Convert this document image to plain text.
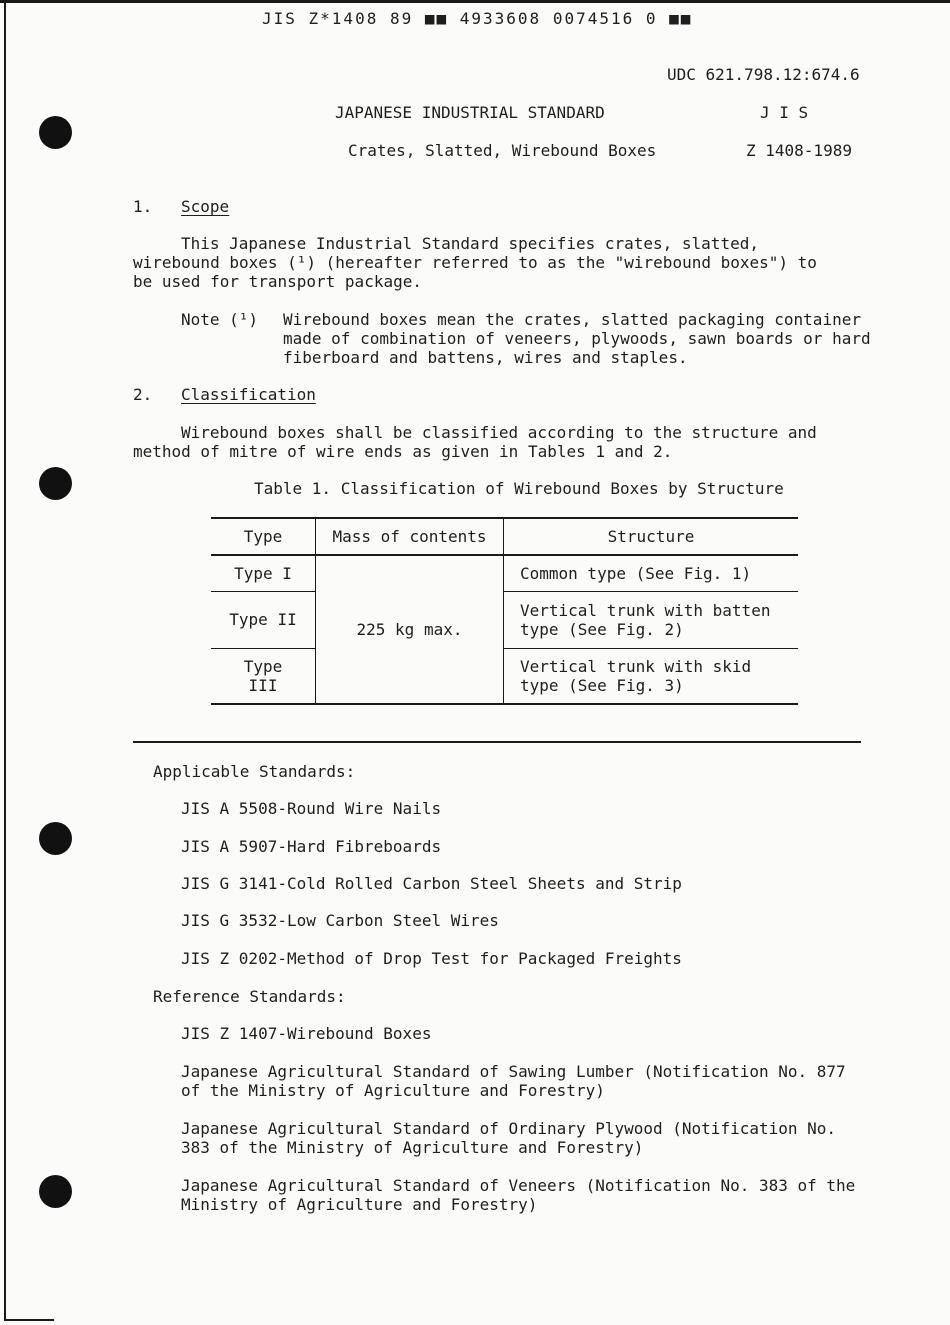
JIS Z*1408 89 ■■ 4933608 0074516 0 ■■
UDC 621.798.12:674.6
JAPANESE INDUSTRIAL STANDARD	J I S
Crates, Slatted, Wirebound Boxes	Z 1408-1989
1. Scope
This Japanese Industrial Standard specifies crates, slatted, wirebound boxes (¹) (hereafter referred to as the "wirebound boxes") to be used for transport package.
Note (¹) Wirebound boxes mean the crates, slatted packaging container made of combination of veneers, plywoods, sawn boards or hard fiberboard and battens, wires and staples.
2. Classification
Wirebound boxes shall be classified according to the structure and method of mitre of wire ends as given in Tables 1 and 2.
Table 1. Classification of Wirebound Boxes by Structure
Type	Mass of contents	Structure
Type I	225 kg max.	Common type (See Fig. 1)
Type II		Vertical trunk with batten type (See Fig. 2)
Type III		Vertical trunk with skid type (See Fig. 3)
Applicable Standards:
JIS A 5508-Round Wire Nails
JIS A 5907-Hard Fibreboards
JIS G 3141-Cold Rolled Carbon Steel Sheets and Strip
JIS G 3532-Low Carbon Steel Wires
JIS Z 0202-Method of Drop Test for Packaged Freights
Reference Standards:
JIS Z 1407-Wirebound Boxes
Japanese Agricultural Standard of Sawing Lumber (Notification No. 877 of the Ministry of Agriculture and Forestry)
Japanese Agricultural Standard of Ordinary Plywood (Notification No. 383 of the Ministry of Agriculture and Forestry)
Japanese Agricultural Standard of Veneers (Notification No. 383 of the Ministry of Agriculture and Forestry)
